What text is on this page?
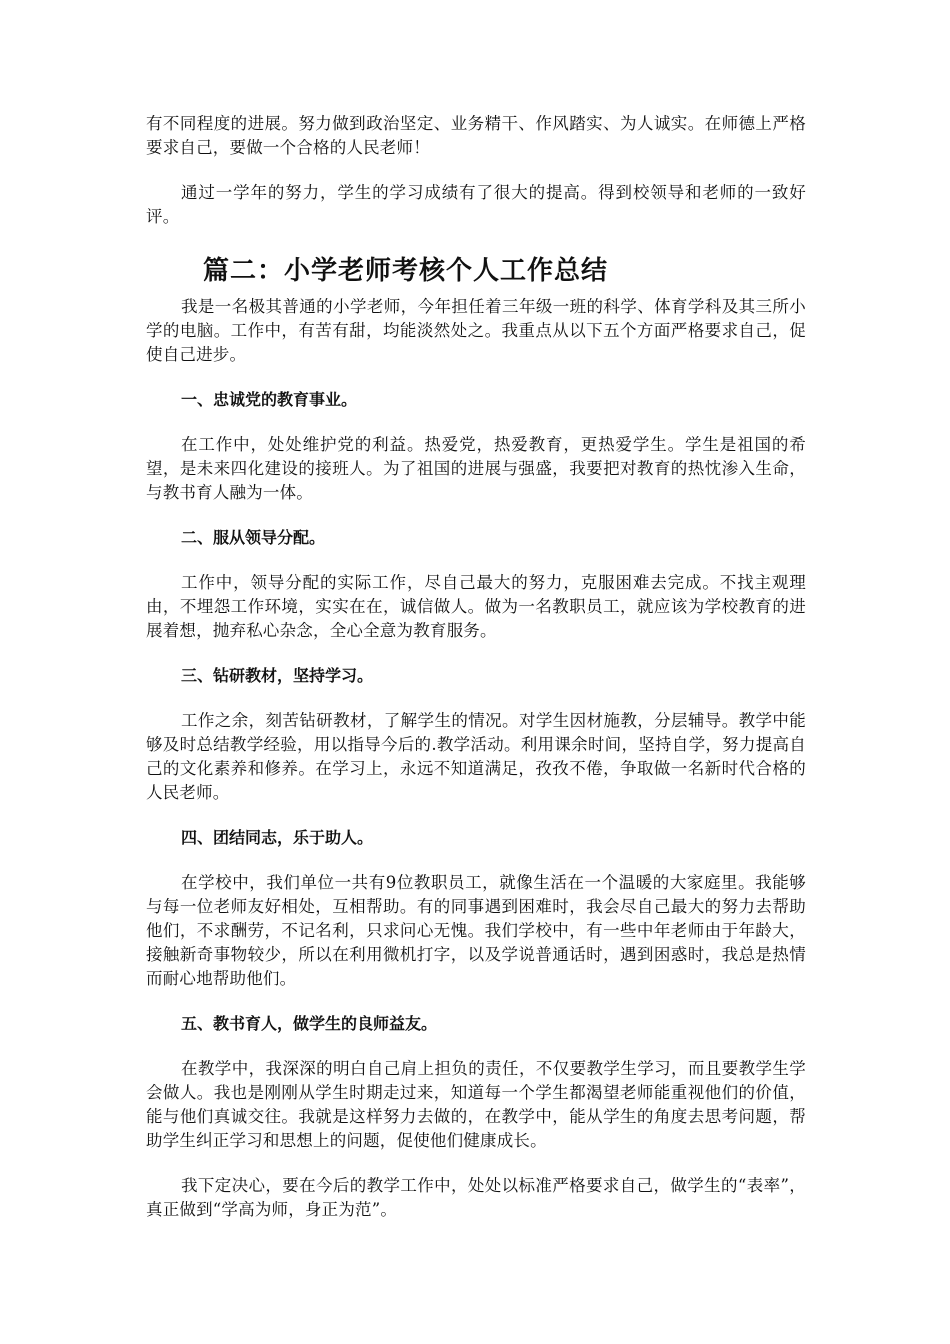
有不同程度的进展。努力做到政治坚定、业务精干、作风踏实、为人诚实。在师德上严格要求自己，要做一个合格的人民老师！

通过一学年的努力，学生的学习成绩有了很大的提高。得到校领导和老师的一致好评。

篇二：小学老师考核个人工作总结

我是一名极其普通的小学老师，今年担任着三年级一班的科学、体育学科及其三所小学的电脑。工作中，有苦有甜，均能淡然处之。我重点从以下五个方面严格要求自己，促使自己进步。

一、忠诚党的教育事业。

在工作中，处处维护党的利益。热爱党，热爱教育，更热爱学生。学生是祖国的希望，是未来四化建设的接班人。为了祖国的进展与强盛，我要把对教育的热忱渗入生命，与教书育人融为一体。

二、服从领导分配。

工作中，领导分配的实际工作，尽自己最大的努力，克服困难去完成。不找主观理由，不埋怨工作环境，实实在在，诚信做人。做为一名教职员工，就应该为学校教育的进展着想，抛弃私心杂念，全心全意为教育服务。

三、钻研教材，坚持学习。

工作之余，刻苦钻研教材，了解学生的情况。对学生因材施教，分层辅导。教学中能够及时总结教学经验，用以指导今后的.教学活动。利用课余时间，坚持自学，努力提高自己的文化素养和修养。在学习上，永远不知道满足，孜孜不倦，争取做一名新时代合格的人民老师。

四、团结同志，乐于助人。

在学校中，我们单位一共有9位教职员工，就像生活在一个温暖的大家庭里。我能够与每一位老师友好相处，互相帮助。有的同事遇到困难时，我会尽自己最大的努力去帮助他们，不求酬劳，不记名利，只求问心无愧。我们学校中，有一些中年老师由于年龄大，接触新奇事物较少，所以在利用微机打字，以及学说普通话时，遇到困惑时，我总是热情而耐心地帮助他们。

五、教书育人，做学生的良师益友。

在教学中，我深深的明白自己肩上担负的责任，不仅要教学生学习，而且要教学生学会做人。我也是刚刚从学生时期走过来，知道每一个学生都渴望老师能重视他们的价值，能与他们真诚交往。我就是这样努力去做的，在教学中，能从学生的角度去思考问题，帮助学生纠正学习和思想上的问题，促使他们健康成长。

我下定决心，要在今后的教学工作中，处处以标准严格要求自己，做学生的“表率”，真正做到“学高为师，身正为范”。
